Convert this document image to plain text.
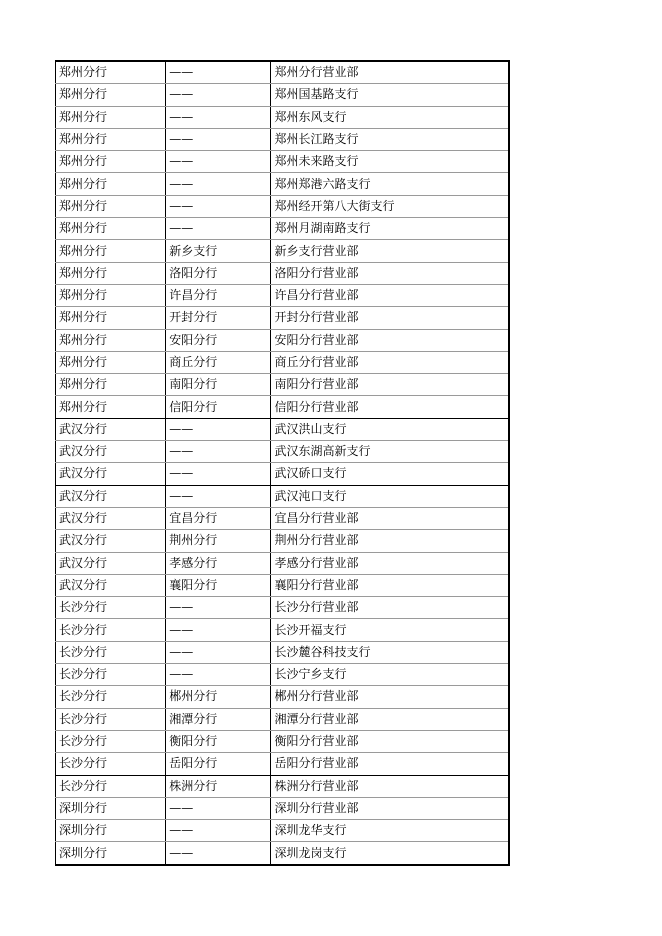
郑州分行	——	郑州分行营业部
郑州分行	——	郑州国基路支行
郑州分行	——	郑州东风支行
郑州分行	——	郑州长江路支行
郑州分行	——	郑州未来路支行
郑州分行	——	郑州郑港六路支行
郑州分行	——	郑州经开第八大街支行
郑州分行	——	郑州月湖南路支行
郑州分行	新乡支行	新乡支行营业部
郑州分行	洛阳分行	洛阳分行营业部
郑州分行	许昌分行	许昌分行营业部
郑州分行	开封分行	开封分行营业部
郑州分行	安阳分行	安阳分行营业部
郑州分行	商丘分行	商丘分行营业部
郑州分行	南阳分行	南阳分行营业部
郑州分行	信阳分行	信阳分行营业部
武汉分行	——	武汉洪山支行
武汉分行	——	武汉东湖高新支行
武汉分行	——	武汉硚口支行
武汉分行	——	武汉沌口支行
武汉分行	宜昌分行	宜昌分行营业部
武汉分行	荆州分行	荆州分行营业部
武汉分行	孝感分行	孝感分行营业部
武汉分行	襄阳分行	襄阳分行营业部
长沙分行	——	长沙分行营业部
长沙分行	——	长沙开福支行
长沙分行	——	长沙麓谷科技支行
长沙分行	——	长沙宁乡支行
长沙分行	郴州分行	郴州分行营业部
长沙分行	湘潭分行	湘潭分行营业部
长沙分行	衡阳分行	衡阳分行营业部
长沙分行	岳阳分行	岳阳分行营业部
长沙分行	株洲分行	株洲分行营业部
深圳分行	——	深圳分行营业部
深圳分行	——	深圳龙华支行
深圳分行	——	深圳龙岗支行
